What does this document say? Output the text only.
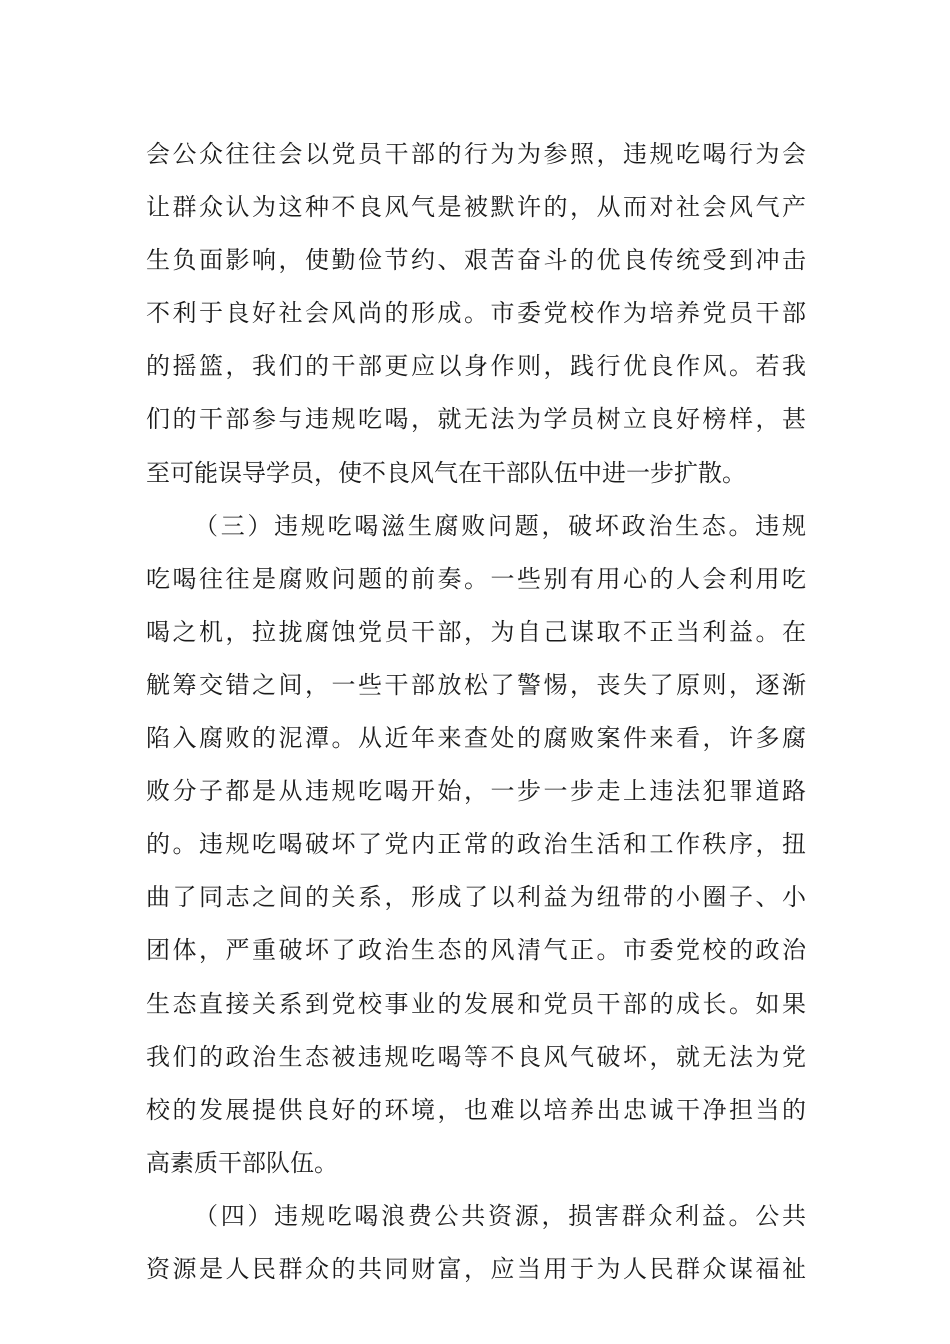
会公众往往会以党员干部的行为为参照，违规吃喝行为会
让群众认为这种不良风气是被默许的，从而对社会风气产
生负面影响，使勤俭节约、艰苦奋斗的优良传统受到冲击
不利于良好社会风尚的形成。市委党校作为培养党员干部
的摇篮，我们的干部更应以身作则，践行优良作风。若我
们的干部参与违规吃喝，就无法为学员树立良好榜样，甚
至可能误导学员，使不良风气在干部队伍中进一步扩散。
（三）违规吃喝滋生腐败问题，破坏政治生态。违规
吃喝往往是腐败问题的前奏。一些别有用心的人会利用吃
喝之机，拉拢腐蚀党员干部，为自己谋取不正当利益。在
觥筹交错之间，一些干部放松了警惕，丧失了原则，逐渐
陷入腐败的泥潭。从近年来查处的腐败案件来看，许多腐
败分子都是从违规吃喝开始，一步一步走上违法犯罪道路
的。违规吃喝破坏了党内正常的政治生活和工作秩序，扭
曲了同志之间的关系，形成了以利益为纽带的小圈子、小
团体，严重破坏了政治生态的风清气正。市委党校的政治
生态直接关系到党校事业的发展和党员干部的成长。如果
我们的政治生态被违规吃喝等不良风气破坏，就无法为党
校的发展提供良好的环境，也难以培养出忠诚干净担当的
高素质干部队伍。
（四）违规吃喝浪费公共资源，损害群众利益。公共
资源是人民群众的共同财富，应当用于为人民群众谋福祉
